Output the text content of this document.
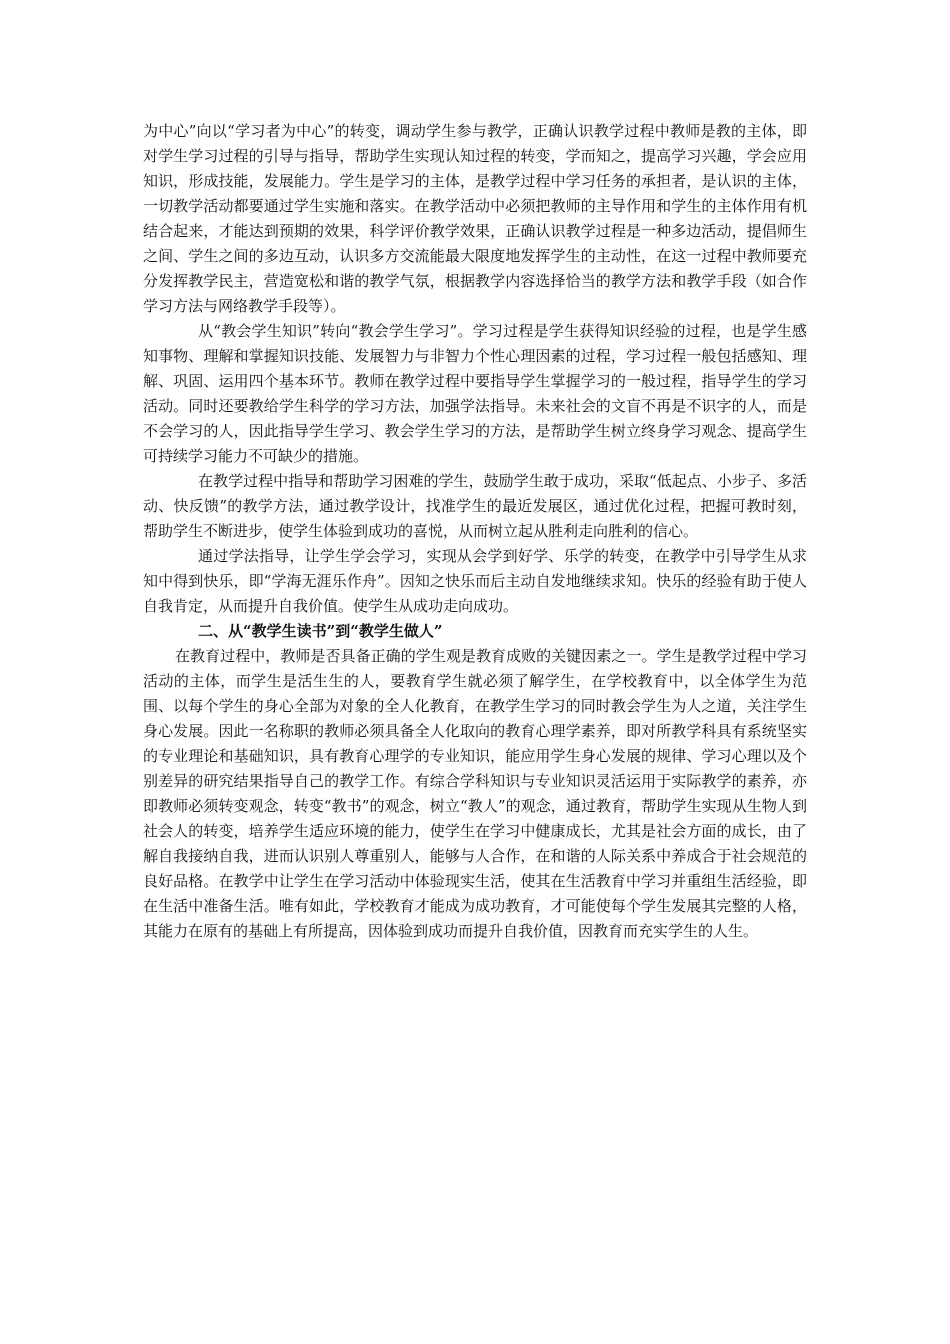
为中心”向以“学习者为中心”的转变，调动学生参与教学，正确认识教学过程中教师是教的主体，即对学生学习过程的引导与指导，帮助学生实现认知过程的转变，学而知之，提高学习兴趣，学会应用知识，形成技能，发展能力。学生是学习的主体，是教学过程中学习任务的承担者，是认识的主体，一切教学活动都要通过学生实施和落实。在教学活动中必须把教师的主导作用和学生的主体作用有机结合起来，才能达到预期的效果，科学评价教学效果，正确认识教学过程是一种多边活动，提倡师生之间、学生之间的多边互动，认识多方交流能最大限度地发挥学生的主动性，在这一过程中教师要充分发挥教学民主，营造宽松和谐的教学气氛，根据教学内容选择恰当的教学方法和教学手段（如合作学习方法与网络教学手段等）。

从“教会学生知识”转向“教会学生学习”。学习过程是学生获得知识经验的过程，也是学生感知事物、理解和掌握知识技能、发展智力与非智力个性心理因素的过程，学习过程一般包括感知、理解、巩固、运用四个基本环节。教师在教学过程中要指导学生掌握学习的一般过程，指导学生的学习活动。同时还要教给学生科学的学习方法，加强学法指导。未来社会的文盲不再是不识字的人，而是不会学习的人，因此指导学生学习、教会学生学习的方法，是帮助学生树立终身学习观念、提高学生可持续学习能力不可缺少的措施。

在教学过程中指导和帮助学习困难的学生，鼓励学生敢于成功，采取“低起点、小步子、多活动、快反馈”的教学方法，通过教学设计，找准学生的最近发展区，通过优化过程，把握可教时刻，帮助学生不断进步，使学生体验到成功的喜悦，从而树立起从胜利走向胜利的信心。

通过学法指导，让学生学会学习，实现从会学到好学、乐学的转变，在教学中引导学生从求知中得到快乐，即“学海无涯乐作舟”。因知之快乐而后主动自发地继续求知。快乐的经验有助于使人自我肯定，从而提升自我价值。使学生从成功走向成功。

二、从“教学生读书”到“教学生做人”

在教育过程中，教师是否具备正确的学生观是教育成败的关键因素之一。学生是教学过程中学习活动的主体，而学生是活生生的人，要教育学生就必须了解学生，在学校教育中，以全体学生为范围、以每个学生的身心全部为对象的全人化教育，在教学生学习的同时教会学生为人之道，关注学生身心发展。因此一名称职的教师必须具备全人化取向的教育心理学素养，即对所教学科具有系统坚实的专业理论和基础知识，具有教育心理学的专业知识，能应用学生身心发展的规律、学习心理以及个别差异的研究结果指导自己的教学工作。有综合学科知识与专业知识灵活运用于实际教学的素养，亦即教师必须转变观念，转变“教书”的观念，树立“教人”的观念，通过教育，帮助学生实现从生物人到社会人的转变，培养学生适应环境的能力，使学生在学习中健康成长，尤其是社会方面的成长，由了解自我接纳自我，进而认识别人尊重别人，能够与人合作，在和谐的人际关系中养成合于社会规范的良好品格。在教学中让学生在学习活动中体验现实生活，使其在生活教育中学习并重组生活经验，即在生活中准备生活。唯有如此，学校教育才能成为成功教育，才可能使每个学生发展其完整的人格，其能力在原有的基础上有所提高，因体验到成功而提升自我价值，因教育而充实学生的人生。
